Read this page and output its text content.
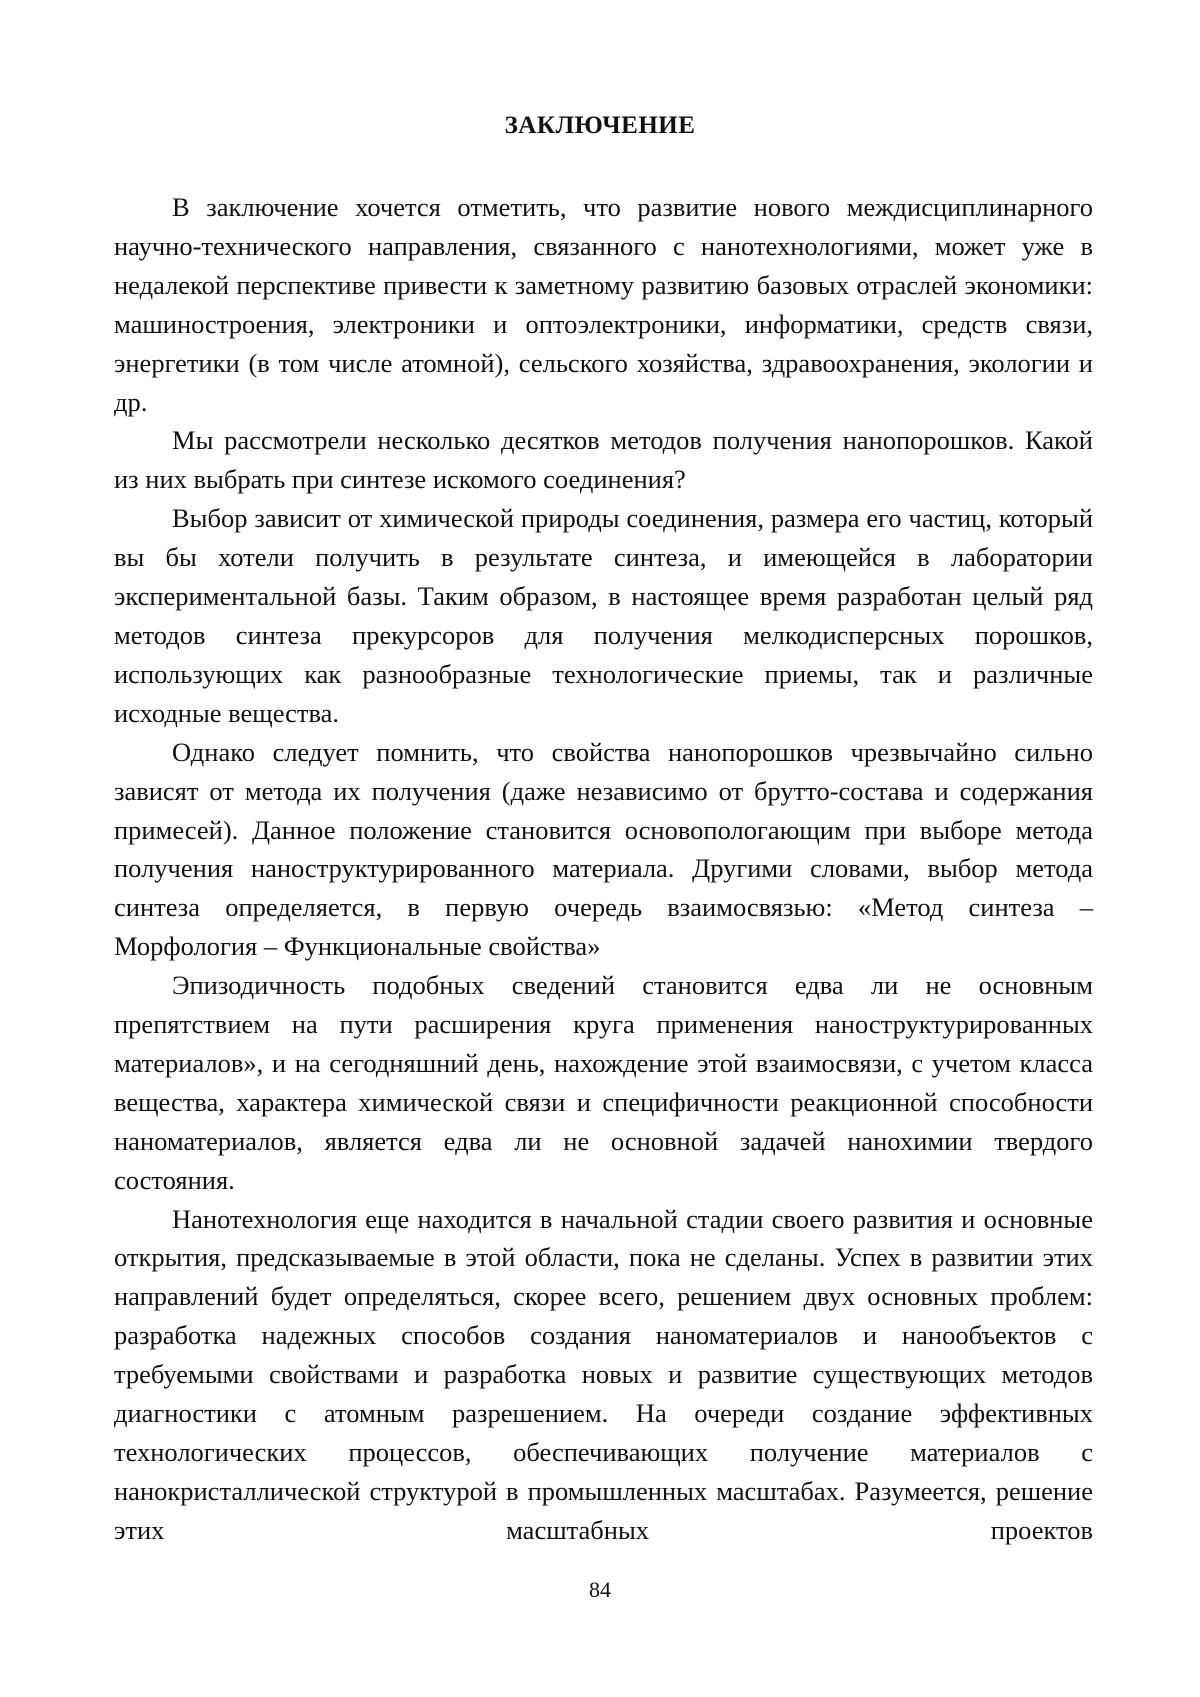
ЗАКЛЮЧЕНИЕ

В заключение хочется отметить, что развитие нового междисциплинарного научно-технического направления, связанного с нанотехнологиями, может уже в недалекой перспективе привести к заметному развитию базовых отраслей экономики: машиностроения, электроники и оптоэлектроники, информатики, средств связи, энергетики (в том числе атомной), сельского хозяйства, здравоохранения, экологии и др.

Мы рассмотрели несколько десятков методов получения нанопорошков. Какой из них выбрать при синтезе искомого соединения?

Выбор зависит от химической природы соединения, размера его частиц, который вы бы хотели получить в результате синтеза, и имеющейся в лаборатории экспериментальной базы. Таким образом, в настоящее время разработан целый ряд методов синтеза прекурсоров для получения мелкодисперсных порошков, использующих как разнообразные технологические приемы, так и различные исходные вещества.

Однако следует помнить, что свойства нанопорошков чрезвычайно сильно зависят от метода их получения (даже независимо от брутто-состава и содержания примесей). Данное положение становится основопологающим при выборе метода получения наноструктурированного материала. Другими словами, выбор метода синтеза определяется, в первую очередь взаимосвязью: «Метод синтеза – Морфология – Функциональные свойства»

Эпизодичность подобных сведений становится едва ли не основным препятствием на пути расширения круга применения наноструктурированных материалов», и на сегодняшний день, нахождение этой взаимосвязи, с учетом класса вещества, характера химической связи и специфичности реакционной способности наноматериалов, является едва ли не основной задачей нанохимии твердого состояния.

Нанотехнология еще находится в начальной стадии своего развития и основные открытия, предсказываемые в этой области, пока не сделаны. Успех в развитии этих направлений будет определяться, скорее всего, решением двух основных проблем: разработка надежных способов создания наноматериалов и нанообъектов с требуемыми свойствами и разработка новых и развитие существующих методов диагностики с атомным разрешением. На очереди создание эффективных технологических процессов, обеспечивающих получение материалов с нанокристаллической структурой в промышленных масштабах. Разумеется, решение этих масштабных проектов

84
